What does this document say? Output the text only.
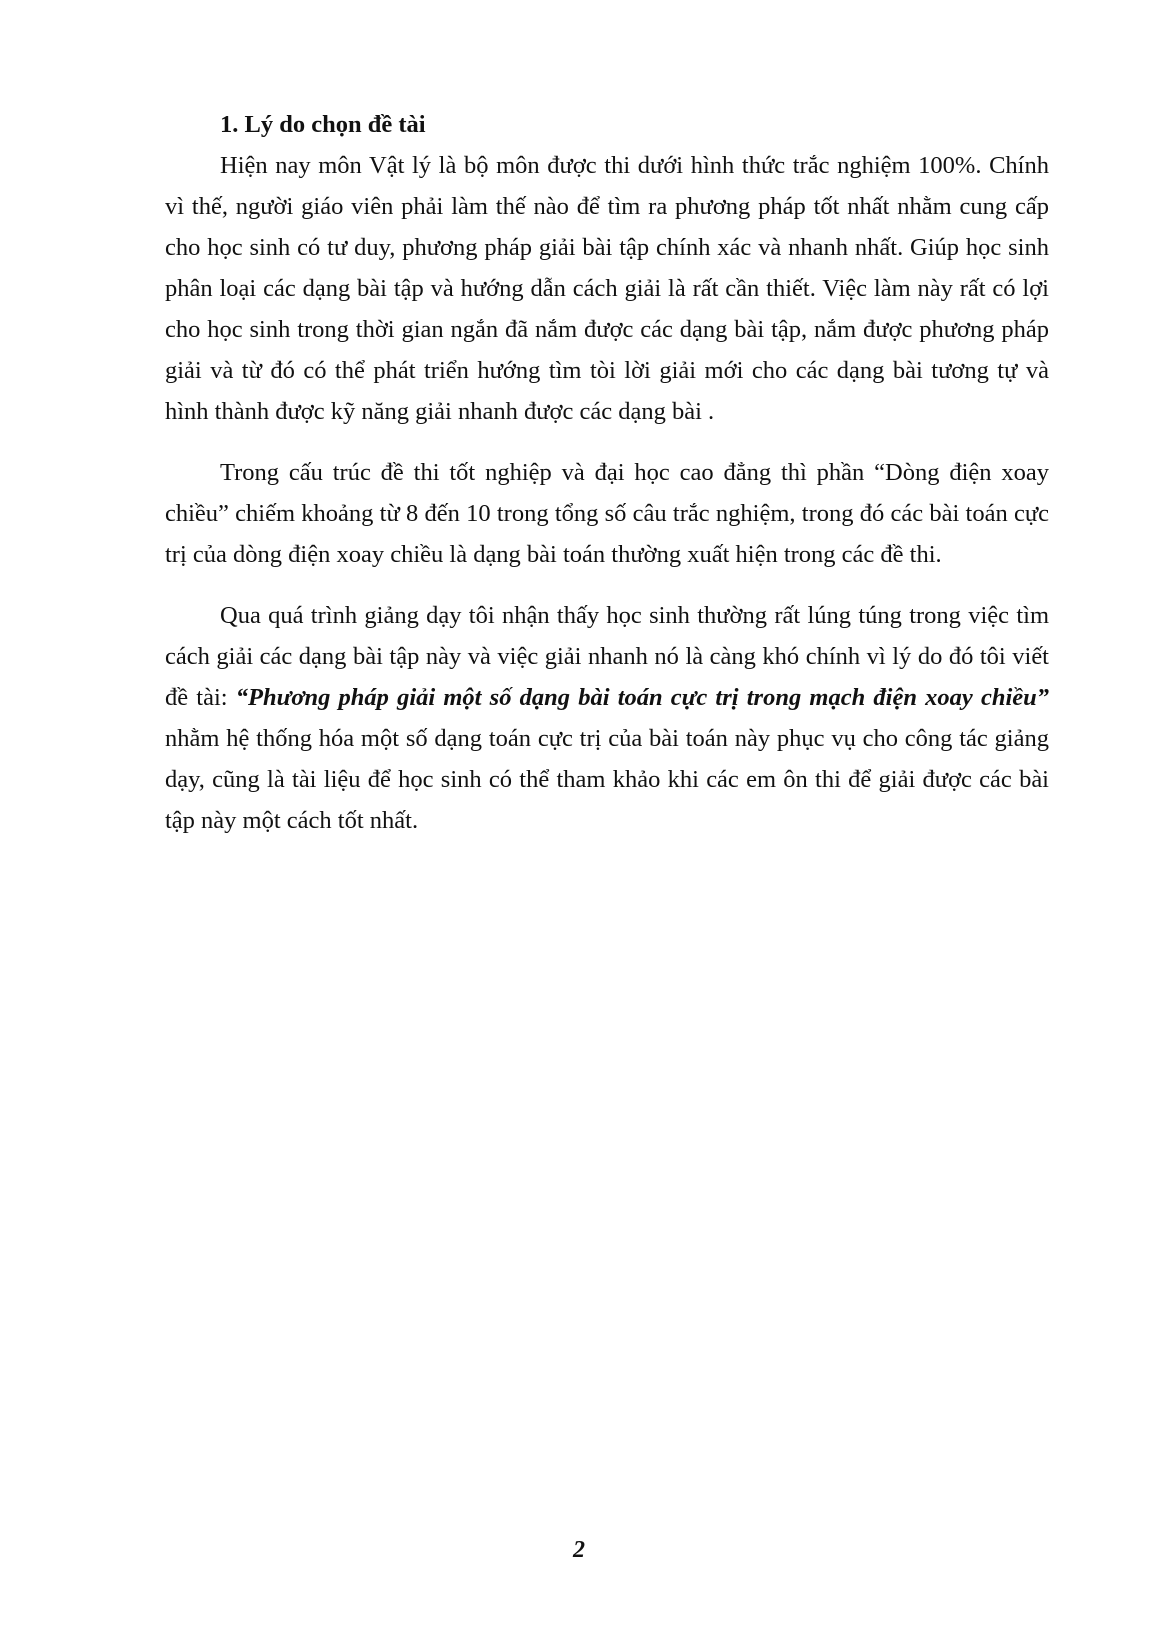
1. Lý do chọn đề tài

Hiện nay môn Vật lý là bộ môn được thi dưới hình thức trắc nghiệm 100%. Chính vì thế, người giáo viên phải làm thế nào để tìm ra phương pháp tốt nhất nhằm cung cấp cho học sinh có tư duy, phương pháp giải bài tập chính xác và nhanh nhất. Giúp học sinh phân loại các dạng bài tập và hướng dẫn cách giải là rất cần thiết. Việc làm này rất có lợi cho học sinh trong thời gian ngắn đã nắm được các dạng bài tập, nắm được phương pháp giải và từ đó có thể phát triển hướng tìm tòi lời giải mới cho các dạng bài tương tự và hình thành được kỹ năng giải nhanh được các dạng bài .

Trong cấu trúc đề thi tốt nghiệp và đại học cao đẳng thì phần “Dòng điện xoay chiều” chiếm khoảng từ 8 đến 10 trong tổng số câu trắc nghiệm, trong đó các bài toán cực trị của dòng điện xoay chiều là dạng bài toán thường xuất hiện trong các đề thi.

Qua quá trình giảng dạy tôi nhận thấy học sinh thường rất lúng túng trong việc tìm cách giải các dạng bài tập này và việc giải nhanh nó là càng khó chính vì lý do đó tôi viết đề tài: “Phương pháp giải một số dạng bài toán cực trị trong mạch điện xoay chiều” nhằm hệ thống hóa một số dạng toán cực trị của bài toán này phục vụ cho công tác giảng dạy, cũng là tài liệu để học sinh có thể tham khảo khi các em ôn thi để giải được các bài tập này một cách tốt nhất.

2
